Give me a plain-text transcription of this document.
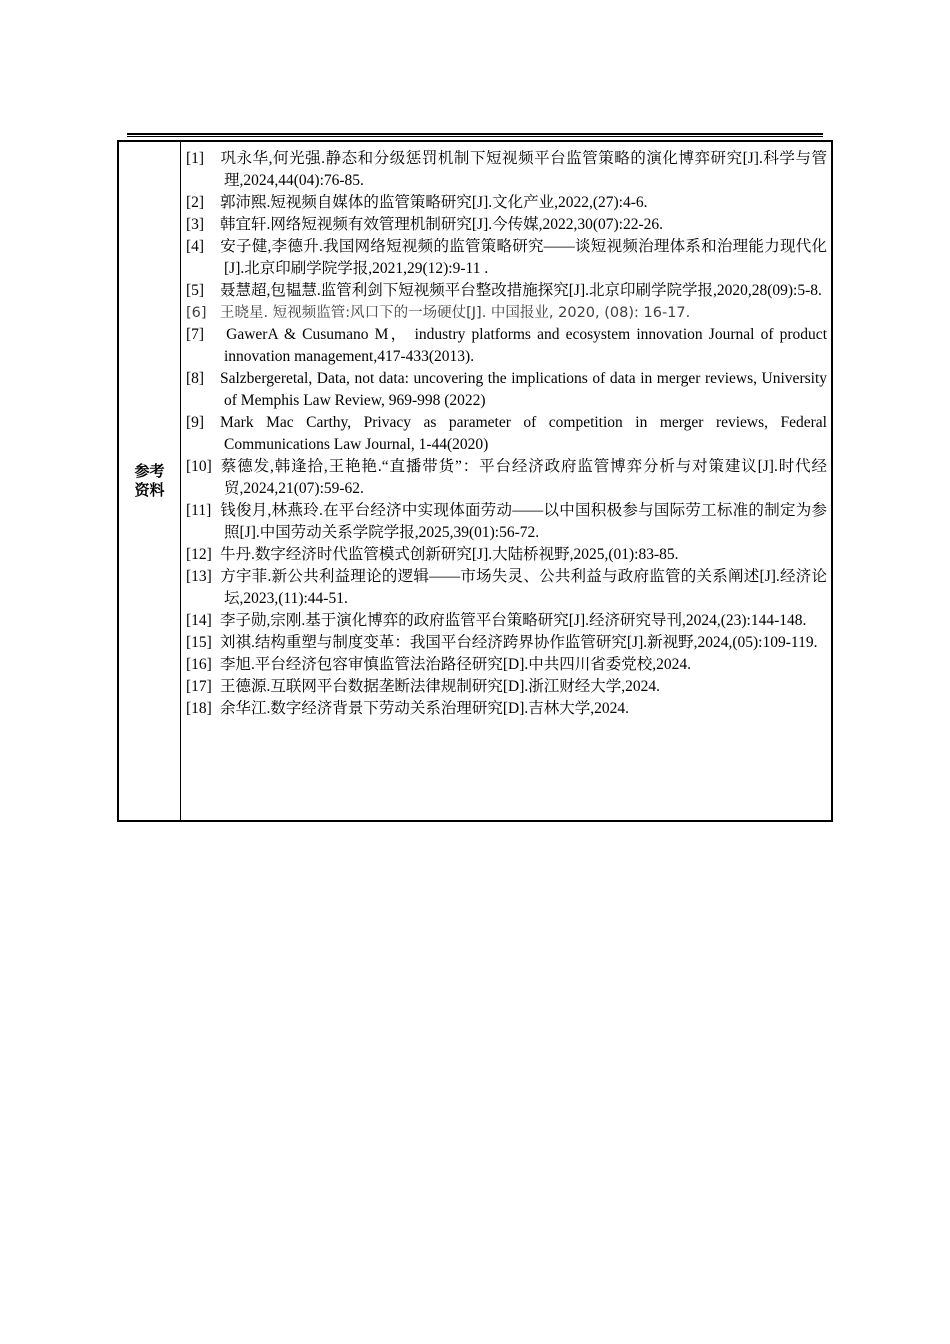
参考
资料
[1] 巩永华,何光强.静态和分级惩罚机制下短视频平台监管策略的演化博弈研究[J].科学与管理,2024,44(04):76-85.
[2] 郭沛熙.短视频自媒体的监管策略研究[J].文化产业,2022,(27):4-6.
[3] 韩宜轩.网络短视频有效管理机制研究[J].今传媒,2022,30(07):22-26.
[4] 安子健,李德升.我国网络短视频的监管策略研究——谈短视频治理体系和治理能力现代化[J].北京印刷学院学报,2021,29(12):9-11 .
[5] 聂慧超,包韫慧.监管利剑下短视频平台整改措施探究[J].北京印刷学院学报,2020,28(09):5-8.
[6] 王晓星. 短视频监管:风口下的一场硬仗[J]. 中国报业, 2020, (08): 16-17.
[7] GawerA & Cusumano M， industry platforms and ecosystem innovation Journal of product innovation management,417-433(2013).
[8] Salzbergeretal, Data, not data: uncovering the implications of data in merger reviews, University of Memphis Law Review, 969-998 (2022)
[9] Mark Mac Carthy, Privacy as parameter of competition in merger reviews, Federal Communications Law Journal, 1-44(2020)
[10] 蔡德发,韩逢拾,王艳艳.“直播带货”：平台经济政府监管博弈分析与对策建议[J].时代经贸,2024,21(07):59-62.
[11] 钱俊月,林燕玲.在平台经济中实现体面劳动——以中国积极参与国际劳工标准的制定为参照[J].中国劳动关系学院学报,2025,39(01):56-72.
[12] 牛丹.数字经济时代监管模式创新研究[J].大陆桥视野,2025,(01):83-85.
[13] 方宇菲.新公共利益理论的逻辑——市场失灵、公共利益与政府监管的关系阐述[J].经济论坛,2023,(11):44-51.
[14] 李子勋,宗刚.基于演化博弈的政府监管平台策略研究[J].经济研究导刊,2024,(23):144-148.
[15] 刘祺.结构重塑与制度变革：我国平台经济跨界协作监管研究[J].新视野,2024,(05):109-119.
[16] 李旭.平台经济包容审慎监管法治路径研究[D].中共四川省委党校,2024.
[17] 王德源.互联网平台数据垄断法律规制研究[D].浙江财经大学,2024.
[18] 余华江.数字经济背景下劳动关系治理研究[D].吉林大学,2024.
